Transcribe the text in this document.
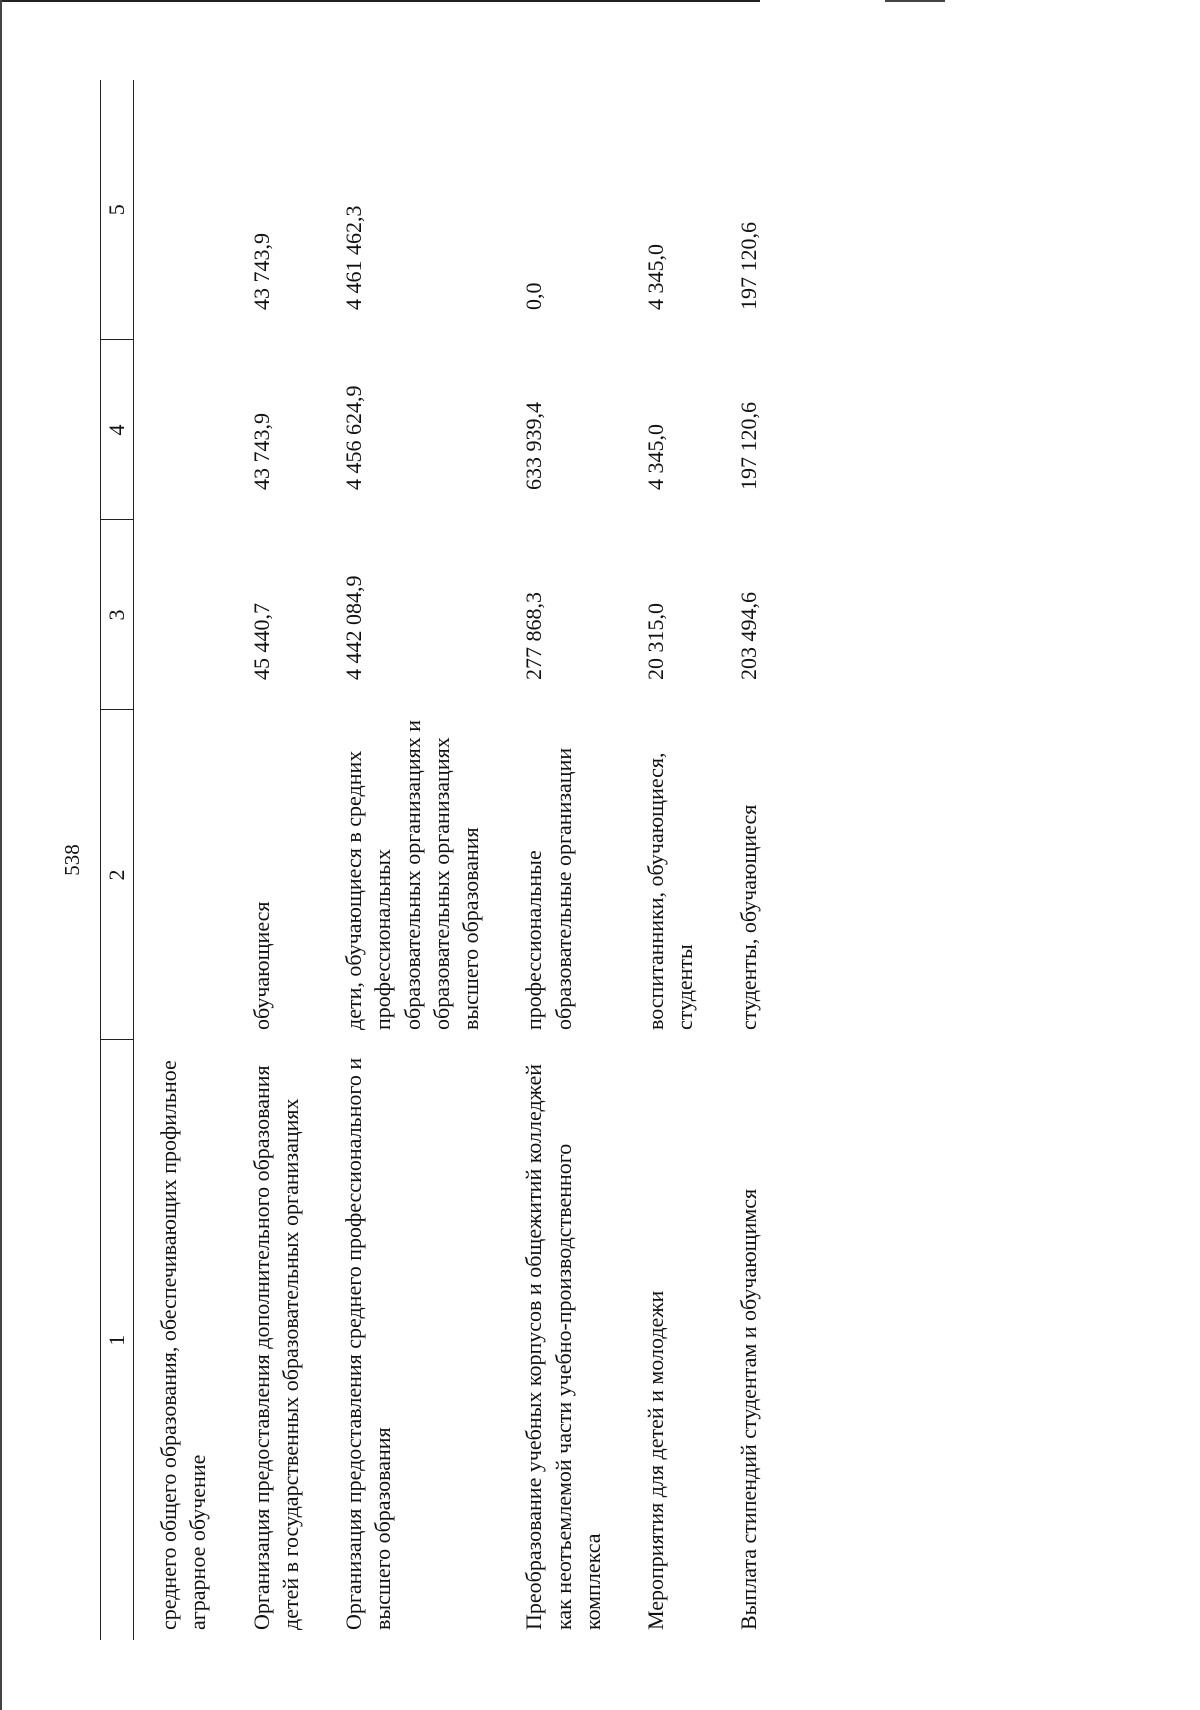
538
1	2	3	4	5
среднего общего образования, обеспечивающих профильное аграрное обучение				
Организация предоставления дополнительного образования детей в государственных образовательных организациях	обучающиеся	45 440,7	43 743,9	43 743,9
Организация предоставления среднего профессионального и высшего образования	дети, обучающиеся в средних профессиональных образовательных организациях и образовательных организациях высшего образования	4 442 084,9	4 456 624,9	4 461 462,3
Преобразование учебных корпусов и общежитий колледжей как неотъемлемой части учебно-производственного комплекса	профессиональные образовательные организации	277 868,3	633 939,4	0,0
Мероприятия для детей и молодежи	воспитанники, обучающиеся, студенты	20 315,0	4 345,0	4 345,0
Выплата стипендий студентам и обучающимся	студенты, обучающиеся	203 494,6	197 120,6	197 120,6
